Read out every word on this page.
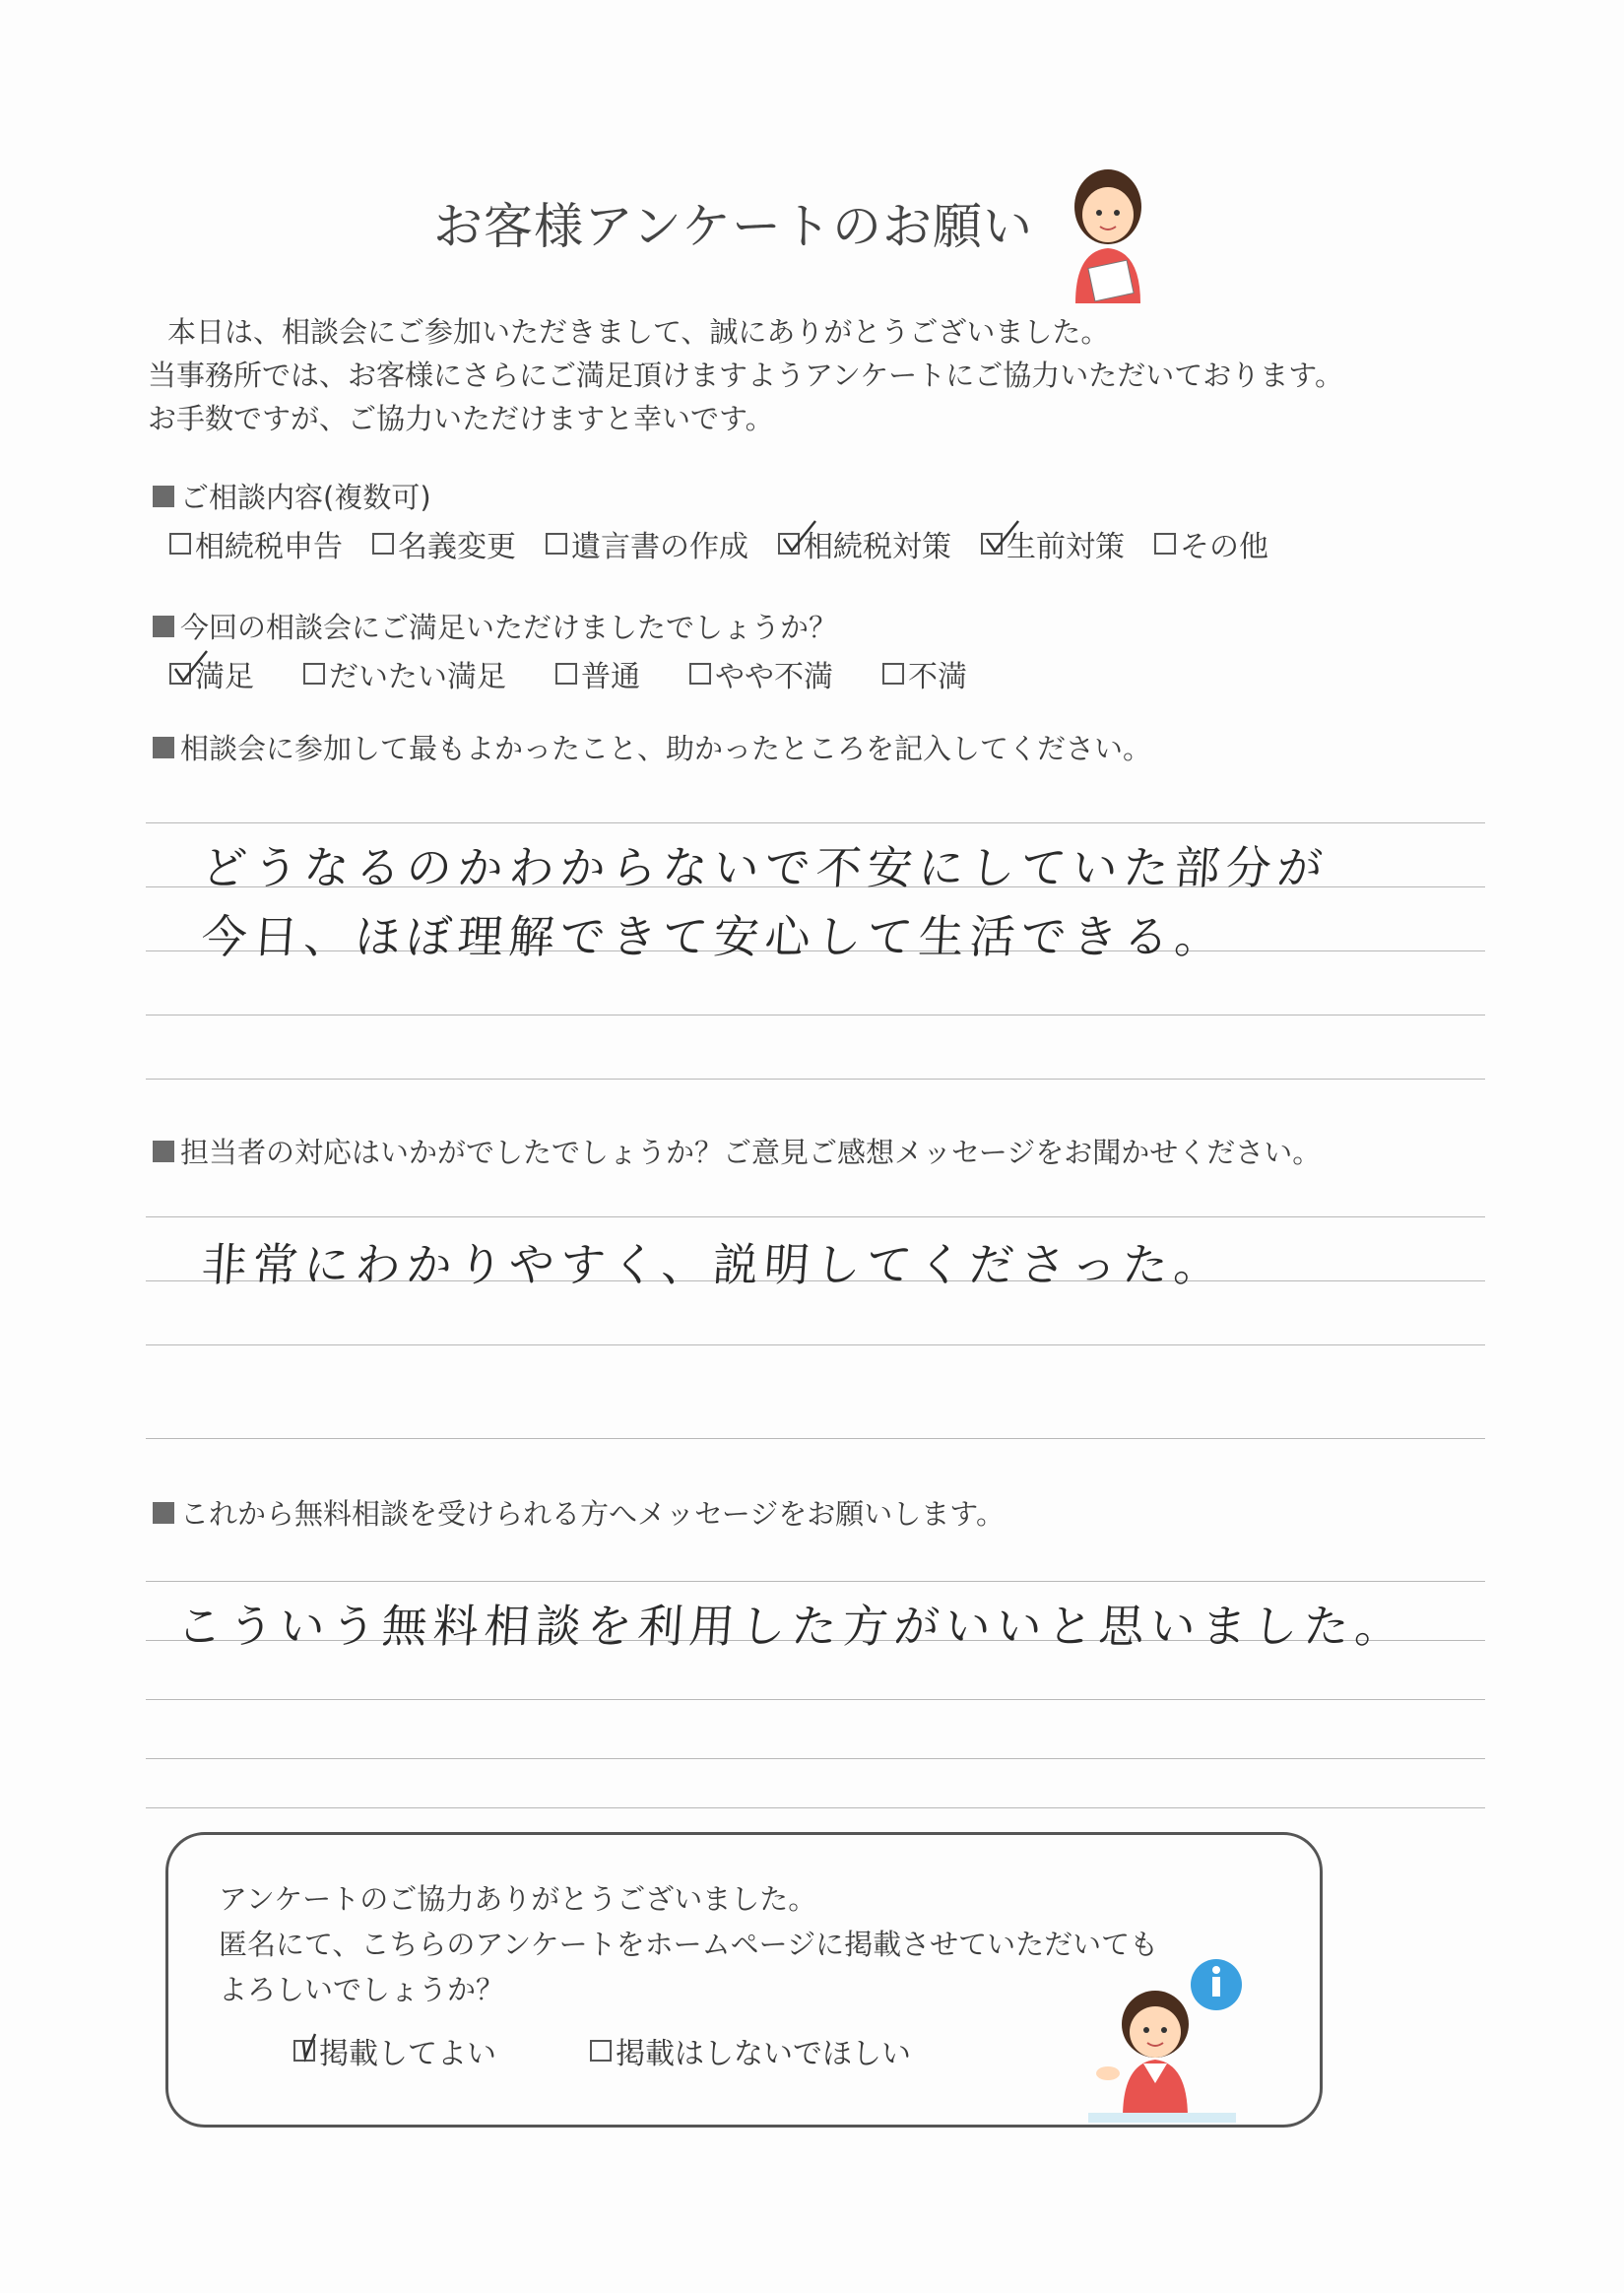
お客様アンケートのお願い
本日は、相談会にご参加いただきまして、誠にありがとうございました。
当事務所では、お客様にさらにご満足頂けますようアンケートにご協力いただいております。
お手数ですが、ご協力いただけますと幸いです。
ご相談内容(複数可)
相続税申告 名義変更 遺言書の作成 相続税対策 生前対策 その他
今回の相談会にご満足いただけましたでしょうか？
満足	だいたい満足	普通	やや不満	不満
相談会に参加して最もよかったこと、助かったところを記入してください。
どうなるのかわからないで不安にしていた部分が
今日、ほぼ理解できて安心して生活できる。
担当者の対応はいかがでしたでしょうか？ご意見ご感想メッセージをお聞かせください。
非常にわかりやすく、説明してくださった。
これから無料相談を受けられる方へメッセージをお願いします。
こういう無料相談を利用した方がいいと思いました。
アンケートのご協力ありがとうございました。
匿名にて、こちらのアンケートをホームページに掲載させていただいても
よろしいでしょうか？
掲載してよい	掲載はしないでほしい
